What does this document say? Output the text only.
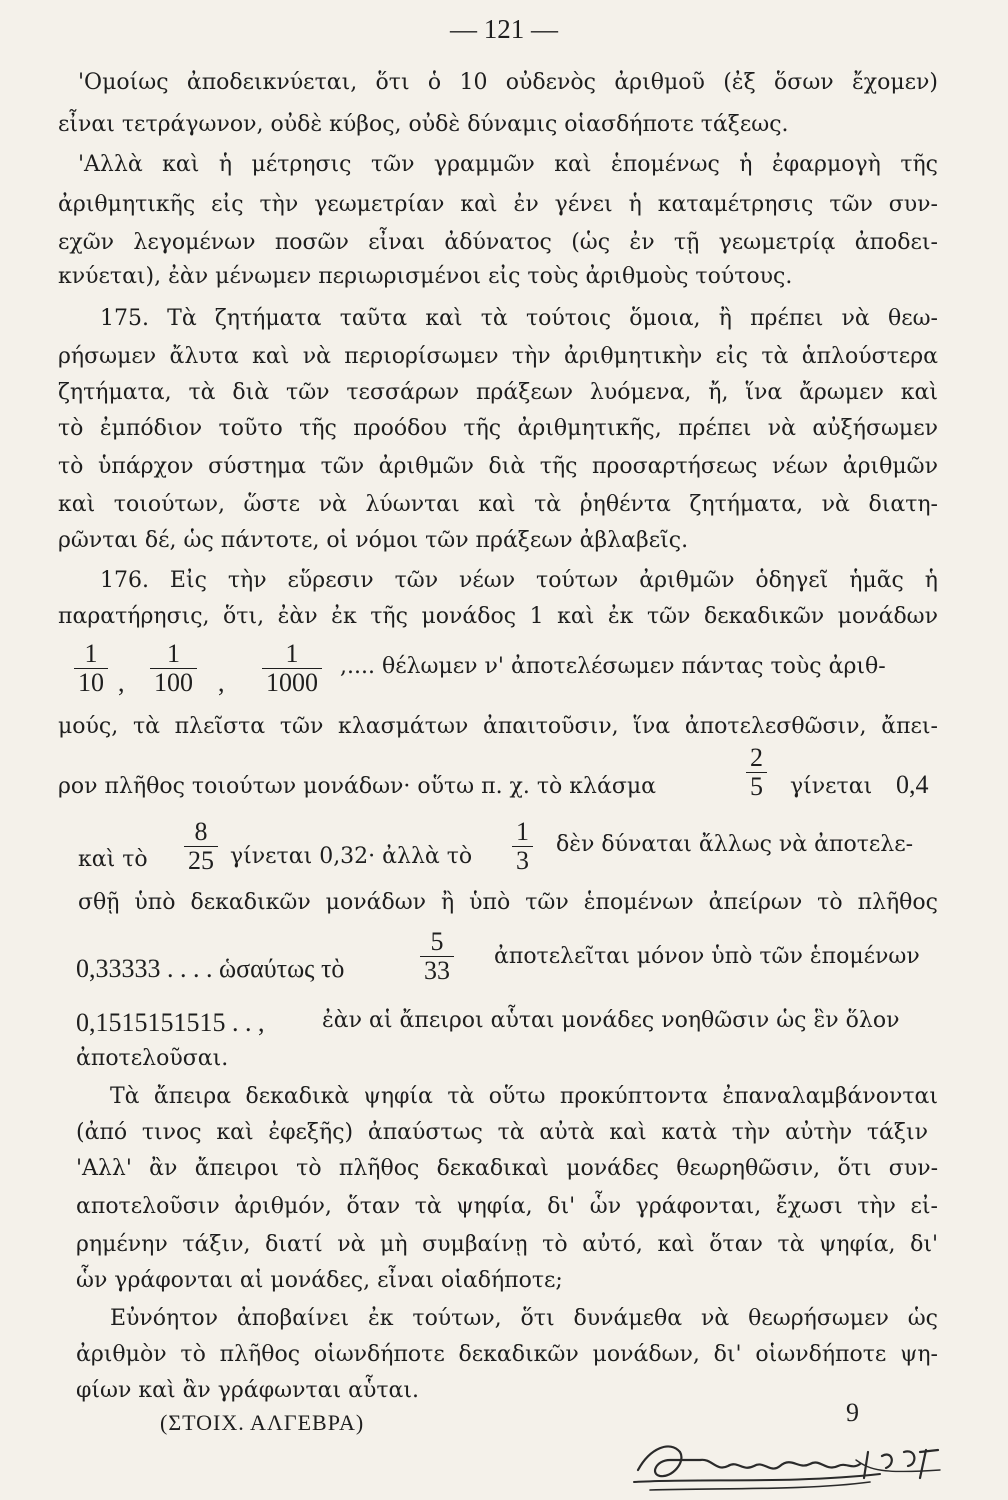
— 121 —
'Ομοίως ἀποδεικνύεται, ὅτι ὁ 10 οὐδενὸς ἀριθμοῦ (ἐξ ὅσων ἔχομεν)
εἶναι τετράγωνον, οὐδὲ κύβος, οὐδὲ δύναμις οἱασδήποτε τάξεως.
'Αλλὰ καὶ ἡ μέτρησις τῶν γραμμῶν καὶ ἑπομένως ἡ ἐφαρμογὴ τῆς
ἀριθμητικῆς εἰς τὴν γεωμετρίαν καὶ ἐν γένει ἡ καταμέτρησις τῶν συν-
εχῶν λεγομένων ποσῶν εἶναι ἀδύνατος (ὡς ἐν τῇ γεωμετρίᾳ ἀποδει-
κνύεται), ἐὰν μένωμεν περιωρισμένοι εἰς τοὺς ἀριθμοὺς τούτους.
175. Τὰ ζητήματα ταῦτα καὶ τὰ τούτοις ὅμοια, ἢ πρέπει νὰ θεω-
ρήσωμεν ἄλυτα καὶ νὰ περιορίσωμεν τὴν ἀριθμητικὴν εἰς τὰ ἁπλούστερα
ζητήματα, τὰ διὰ τῶν τεσσάρων πράξεων λυόμενα, ἤ, ἵνα ἄρωμεν καὶ
τὸ ἐμπόδιον τοῦτο τῆς προόδου τῆς ἀριθμητικῆς, πρέπει νὰ αὐξήσωμεν
τὸ ὑπάρχον σύστημα τῶν ἀριθμῶν διὰ τῆς προσαρτήσεως νέων ἀριθμῶν
καὶ τοιούτων, ὥστε νὰ λύωνται καὶ τὰ ῥηθέντα ζητήματα, νὰ διατη-
ρῶνται δέ, ὡς πάντοτε, οἱ νόμοι τῶν πράξεων ἀβλαβεῖς.
176. Εἰς τὴν εὕρεσιν τῶν νέων τούτων ἀριθμῶν ὁδηγεῖ ἡμᾶς ἡ
παρατήρησις, ὅτι, ἐὰν ἐκ τῆς μονάδος 1 καὶ ἐκ τῶν δεκαδικῶν μονάδων
$\frac{1}{10}$ , $\frac{1}{100}$ , $\frac{1}{1000}$ ,.... θέλωμεν ν' ἀποτελέσωμεν πάντας τοὺς ἀριθ-
μούς, τὰ πλεῖστα τῶν κλασμάτων ἀπαιτοῦσιν, ἵνα ἀποτελεσθῶσιν, ἄπει-
ρον πλῆθος τοιούτων μονάδων· οὕτω π. χ. τὸ κλάσμα	$\frac{2}{5}$ γίνεται 0,4
καὶ τὸ $\frac{8}{25}$ γίνεται 0,32· ἀλλὰ τὸ $\frac{1}{3}$ δὲν δύναται ἄλλως νὰ ἀποτελε-
σθῇ ὑπὸ δεκαδικῶν μονάδων ἢ ὑπὸ τῶν ἑπομένων ἀπείρων τὸ πλῆθος
0,33333 . . . . ὡσαύτως τὸ	$\frac{5}{33}$ ἀποτελεῖται μόνον ὑπὸ τῶν ἑπομένων
0,1515151515 . . ,	ἐὰν αἱ ἄπειροι αὗται μονάδες νοηθῶσιν ὡς ἓν ὅλον
ἀποτελοῦσαι.
Τὰ ἄπειρα δεκαδικὰ ψηφία τὰ οὕτω προκύπτοντα ἐπαναλαμβάνονται
(ἀπό τινος καὶ ἐφεξῆς) ἀπαύστως τὰ αὐτὰ καὶ κατὰ τὴν αὐτὴν τάξιν
'Αλλ' ἂν ἄπειροι τὸ πλῆθος δεκαδικαὶ μονάδες θεωρηθῶσιν, ὅτι συν-
αποτελοῦσιν ἀριθμόν, ὅταν τὰ ψηφία, δι' ὧν γράφονται, ἔχωσι τὴν εἰ-
ρημένην τάξιν, διατί νὰ μὴ συμβαίνῃ τὸ αὐτό, καὶ ὅταν τὰ ψηφία, δι'
ὧν γράφονται αἱ μονάδες, εἶναι οἱαδήποτε;
Εὐνόητον ἀποβαίνει ἐκ τούτων, ὅτι δυνάμεθα νὰ θεωρήσωμεν ὡς
ἀριθμὸν τὸ πλῆθος οἱωνδήποτε δεκαδικῶν μονάδων, δι' οἱωνδήποτε ψη-
φίων καὶ ἂν γράφωνται αὗται.
(ΣΤΟΙΧ. ΑΛΓΕΒΡΑ)	9
